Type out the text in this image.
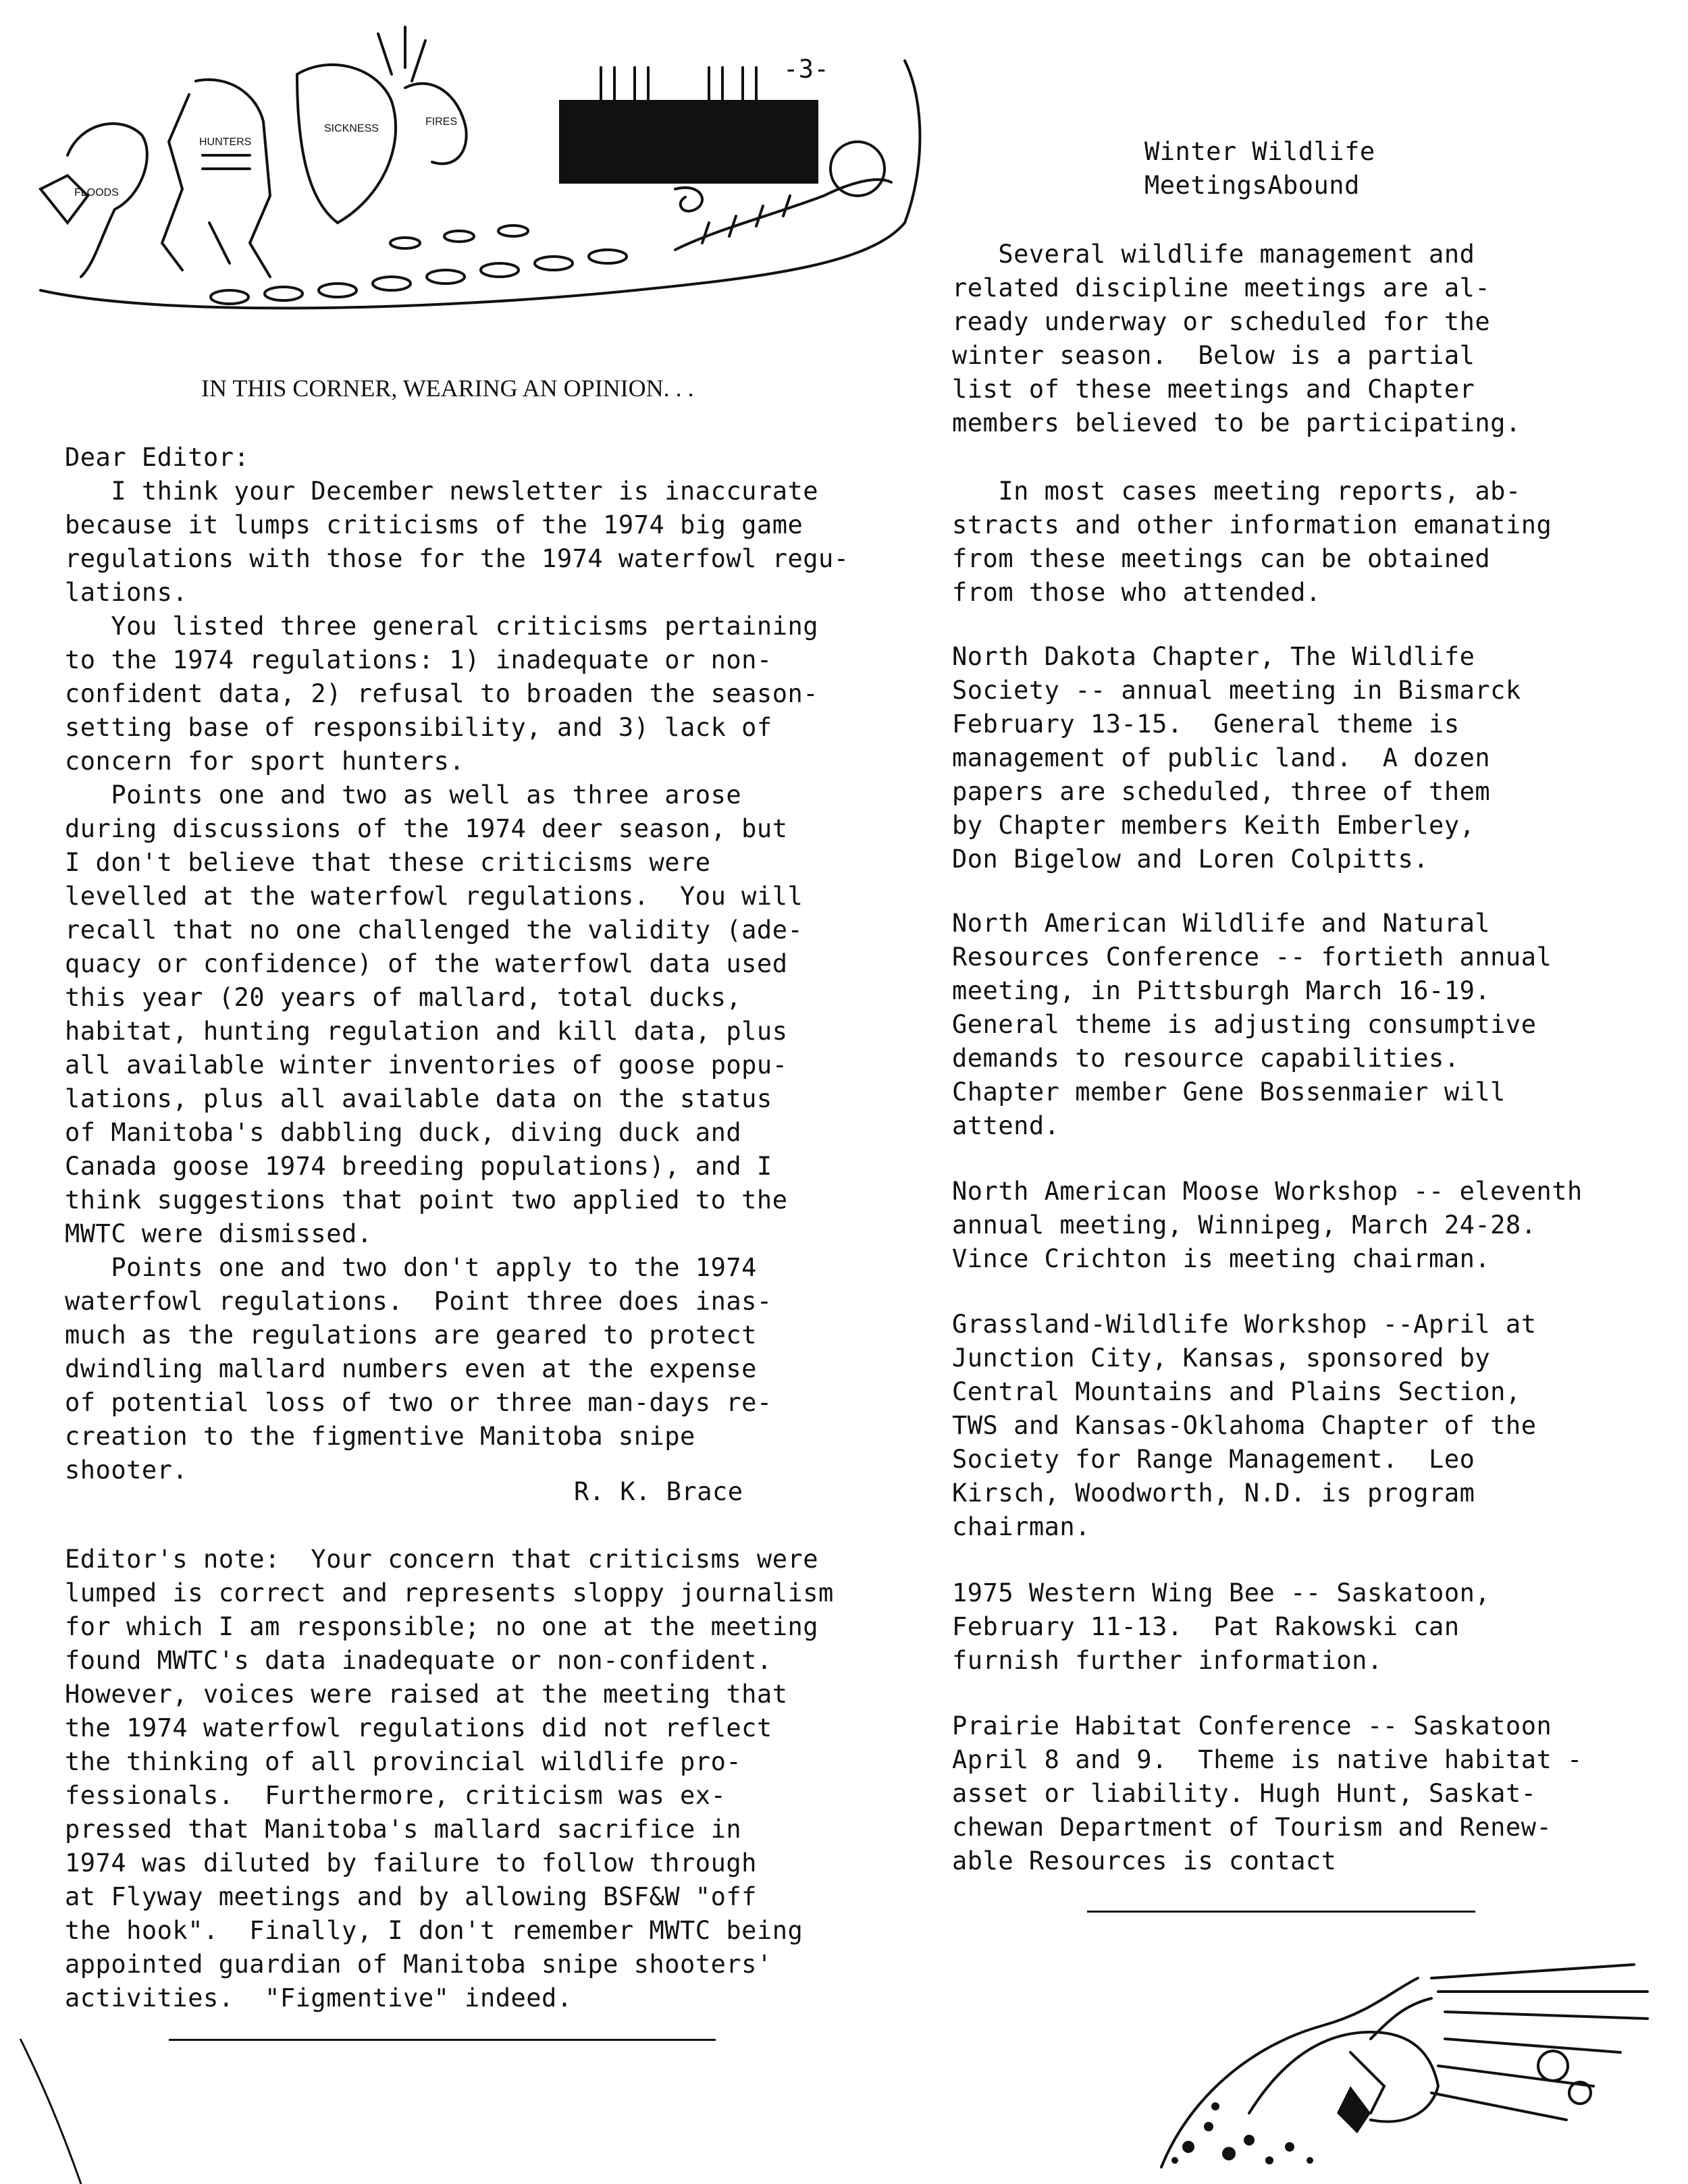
FLOODS
HUNTERS
SICKNESS
FIRES
-3-
IN THIS CORNER, WEARING AN OPINION. . .
Dear Editor:
I think your December newsletter is inaccurate
because it lumps criticisms of the 1974 big game
regulations with those for the 1974 waterfowl regu-
lations.
You listed three general criticisms pertaining
to the 1974 regulations: 1) inadequate or non-
confident data, 2) refusal to broaden the season-
setting base of responsibility, and 3) lack of
concern for sport hunters.
Points one and two as well as three arose
during discussions of the 1974 deer season, but
I don't believe that these criticisms were
levelled at the waterfowl regulations.  You will
recall that no one challenged the validity (ade-
quacy or confidence) of the waterfowl data used
this year (20 years of mallard, total ducks,
habitat, hunting regulation and kill data, plus
all available winter inventories of goose popu-
lations, plus all available data on the status
of Manitoba's dabbling duck, diving duck and
Canada goose 1974 breeding populations), and I
think suggestions that point two applied to the
MWTC were dismissed.
Points one and two don't apply to the 1974
waterfowl regulations.  Point three does inas-
much as the regulations are geared to protect
dwindling mallard numbers even at the expense
of potential loss of two or three man-days re-
creation to the figmentive Manitoba snipe
shooter.
R. K. Brace
Editor's note:  Your concern that criticisms were
lumped is correct and represents sloppy journalism
for which I am responsible; no one at the meeting
found MWTC's data inadequate or non-confident.
However, voices were raised at the meeting that
the 1974 waterfowl regulations did not reflect
the thinking of all provincial wildlife pro-
fessionals.  Furthermore, criticism was ex-
pressed that Manitoba's mallard sacrifice in
1974 was diluted by failure to follow through
at Flyway meetings and by allowing BSF&W "off
the hook".  Finally, I don't remember MWTC being
appointed guardian of Manitoba snipe shooters'
activities.  "Figmentive" indeed.
Winter Wildlife
MeetingsAbound
Several wildlife management and
related discipline meetings are al-
ready underway or scheduled for the
winter season.  Below is a partial
list of these meetings and Chapter
members believed to be participating.
In most cases meeting reports, ab-
stracts and other information emanating
from these meetings can be obtained
from those who attended.
North Dakota Chapter, The Wildlife
Society -- annual meeting in Bismarck
February 13-15.  General theme is
management of public land.  A dozen
papers are scheduled, three of them
by Chapter members Keith Emberley,
Don Bigelow and Loren Colpitts.
North American Wildlife and Natural
Resources Conference -- fortieth annual
meeting, in Pittsburgh March 16-19.
General theme is adjusting consumptive
demands to resource capabilities.
Chapter member Gene Bossenmaier will
attend.
North American Moose Workshop -- eleventh
annual meeting, Winnipeg, March 24-28.
Vince Crichton is meeting chairman.
Grassland-Wildlife Workshop --April at
Junction City, Kansas, sponsored by
Central Mountains and Plains Section,
TWS and Kansas-Oklahoma Chapter of the
Society for Range Management.  Leo
Kirsch, Woodworth, N.D. is program
chairman.
1975 Western Wing Bee -- Saskatoon,
February 11-13.  Pat Rakowski can
furnish further information.
Prairie Habitat Conference -- Saskatoon
April 8 and 9.  Theme is native habitat -
asset or liability. Hugh Hunt, Saskat-
chewan Department of Tourism and Renew-
able Resources is contact
